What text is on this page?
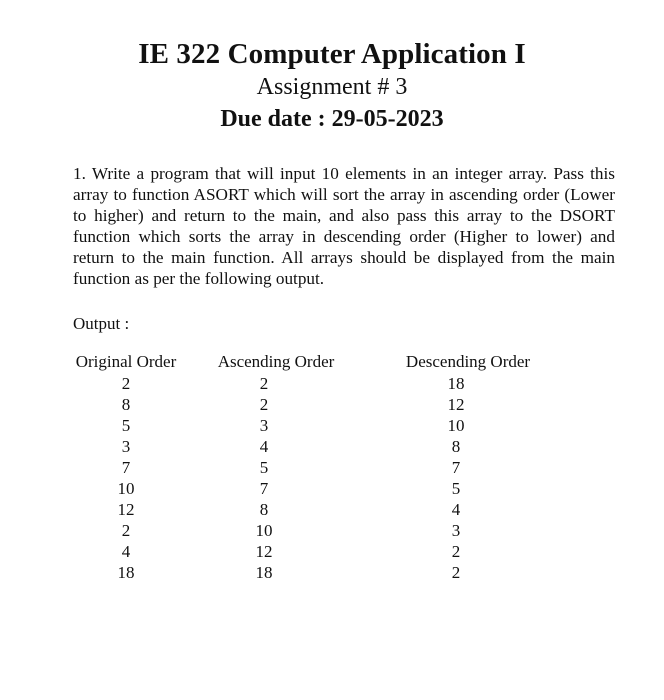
IE 322 Computer Application I
Assignment # 3
Due date : 29-05-2023

1. Write a program that will input 10 elements in an integer array. Pass this array to function ASORT which will sort the array in ascending order (Lower to higher) and return to the main, and also pass this array to the DSORT function which sorts the array in descending order (Higher to lower) and return to the main function. All arrays should be displayed from the main function as per the following output.

Output :
Original Order
2
8
5
3
7
10
12
2
4
18
Ascending Order
2
2
3
4
5
7
8
10
12
18
Descending Order
18
12
10
8
7
5
4
3
2
2
